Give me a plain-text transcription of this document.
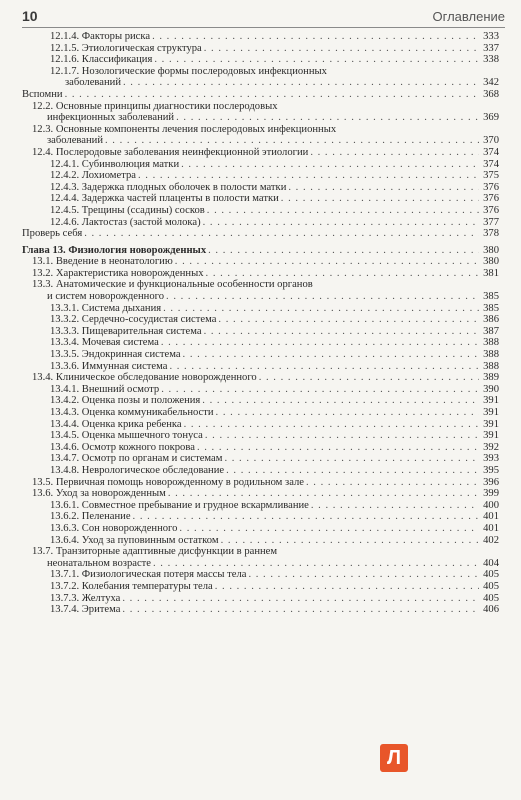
10	Оглавление
12.1.4. Факторы риска . . .	333
12.1.5. Этиологическая структура . . .	337
12.1.6. Классификация . . .	338
12.1.7. Нозологические формы послеродовых инфекционных
заболеваний . . .	342
Вспомни . . .	368
12.2. Основные принципы диагностики послеродовых
инфекционных заболеваний . . .	369
12.3. Основные компоненты лечения послеродовых инфекционных
заболеваний . . .	370
12.4. Послеродовые заболевания неинфекционной этиологии . . .	374
12.4.1. Субинволюция матки . . .	374
12.4.2. Лохиометра . . .	375
12.4.3. Задержка плодных оболочек в полости матки . . .	376
12.4.4. Задержка частей плаценты в полости матки . . .	376
12.4.5. Трещины (ссадины) сосков . . .	376
12.4.6. Лактостаз (застой молока) . . .	377
Проверь себя . . .	378
Глава 13. Физиология новорожденных . . .	380
13.1. Введение в неонатологию . . .	380
13.2. Характеристика новорожденных . . .	381
13.3. Анатомические и функциональные особенности органов
и систем новорожденного . . .	385
13.3.1. Система дыхания . . .	385
13.3.2. Сердечно-сосудистая система . . .	386
13.3.3. Пищеварительная система . . .	387
13.3.4. Мочевая система . . .	388
13.3.5. Эндокринная система . . .	388
13.3.6. Иммунная система . . .	388
13.4. Клиническое обследование новорожденного . . .	389
13.4.1. Внешний осмотр . . .	390
13.4.2. Оценка позы и положения . . .	391
13.4.3. Оценка коммуникабельности . . .	391
13.4.4. Оценка крика ребенка . . .	391
13.4.5. Оценка мышечного тонуса . . .	391
13.4.6. Осмотр кожного покрова . . .	392
13.4.7. Осмотр по органам и системам . . .	393
13.4.8. Неврологическое обследование . . .	395
13.5. Первичная помощь новорожденному в родильном зале . . .	396
13.6. Уход за новорожденным . . .	399
13.6.1. Совместное пребывание и грудное вскармливание . . .	400
13.6.2. Пеленание . . .	401
13.6.3. Сон новорожденного . . .	401
13.6.4. Уход за пуповинным остатком . . .	402
13.7. Транзиторные адаптивные дисфункции в раннем
неонатальном возрасте . . .	404
13.7.1. Физиологическая потеря массы тела . . .	405
13.7.2. Колебания температуры тела . . .	405
13.7.3. Желтуха . . .	405
13.7.4. Эритема . . .	406
Л
